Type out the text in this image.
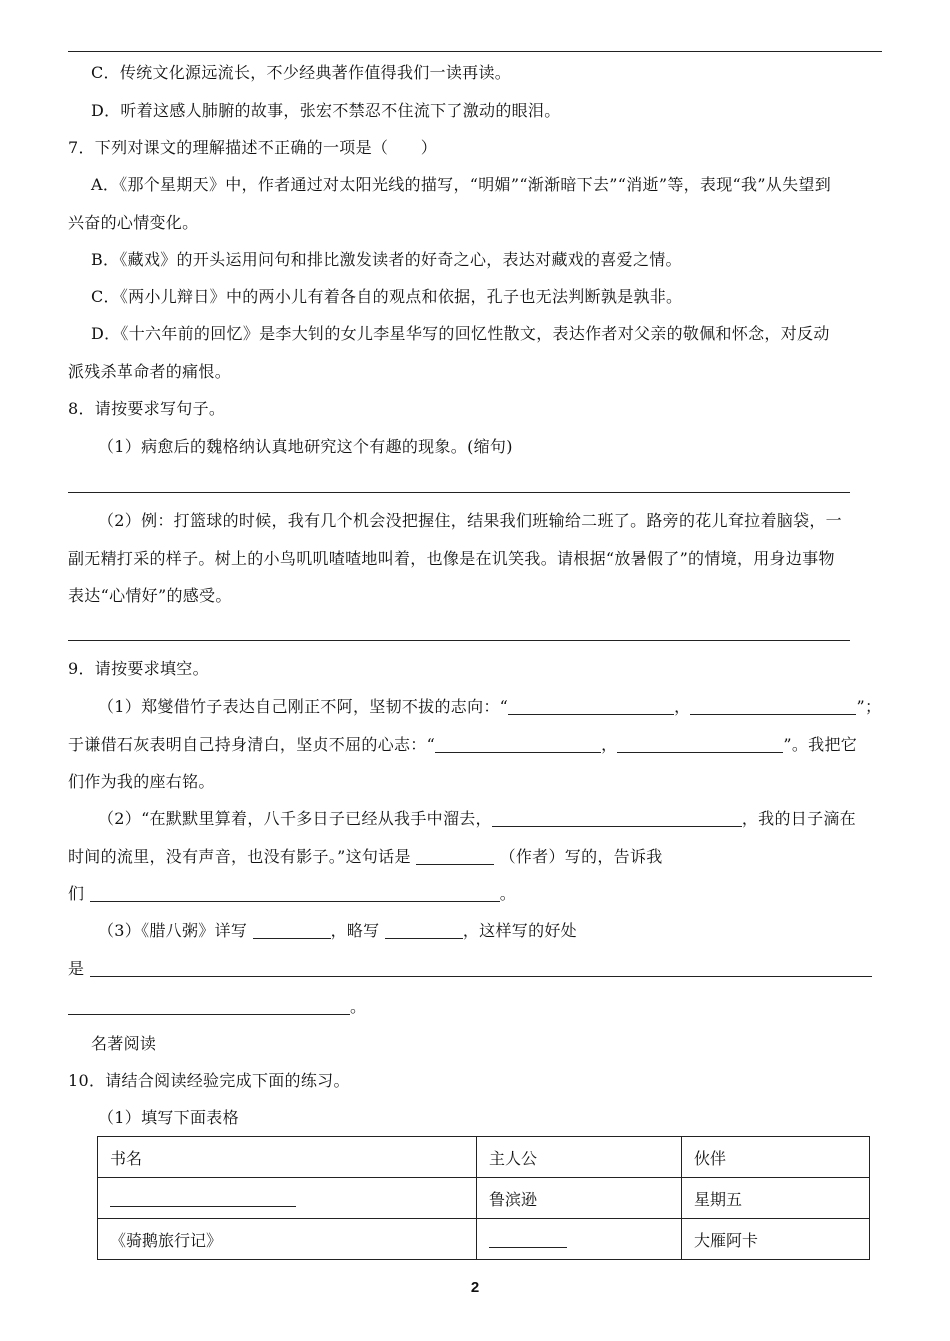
C．传统文化源远流长，不少经典著作值得我们一读再读。
D．听着这感人肺腑的故事，张宏不禁忍不住流下了激动的眼泪。
7．下列对课文的理解描述不正确的一项是（　　）
A．《那个星期天》中，作者通过对太阳光线的描写，“明媚”“渐渐暗下去”“消逝”等，表现“我”从失望到
兴奋的心情变化。
B．《藏戏》的开头运用问句和排比激发读者的好奇之心，表达对藏戏的喜爱之情。
C．《两小儿辩日》中的两小儿有着各自的观点和依据，孔子也无法判断孰是孰非。
D．《十六年前的回忆》是李大钊的女儿李星华写的回忆性散文，表达作者对父亲的敬佩和怀念，对反动
派残杀革命者的痛恨。
8．请按要求写句子。
（1）病愈后的魏格纳认真地研究这个有趣的现象。(缩句)
（2）例：打篮球的时候，我有几个机会没把握住，结果我们班输给二班了。路旁的花儿耷拉着脑袋，一
副无精打采的样子。树上的小鸟叽叽喳喳地叫着，也像是在讥笑我。请根据“放暑假了”的情境，用身边事物
表达“心情好”的感受。
9．请按要求填空。
（1）郑燮借竹子表达自己刚正不阿，坚韧不拔的志向：“	，	”；
于谦借石灰表明自己持身清白，坚贞不屈的心志：“	，	”。我把它
们作为我的座右铭。
（2）“在默默里算着，八千多日子已经从我手中溜去，	，我的日子滴在
时间的流里，没有声音，也没有影子。”这句话是	（作者）写的，告诉我
们	。
（3）《腊八粥》详写	，略写	，这样写的好处
是
。
名著阅读
10．请结合阅读经验完成下面的练习。
（1）填写下面表格
书名	主人公	伙伴
	鲁滨逊	星期五
《骑鹅旅行记》		大雁阿卡
2
